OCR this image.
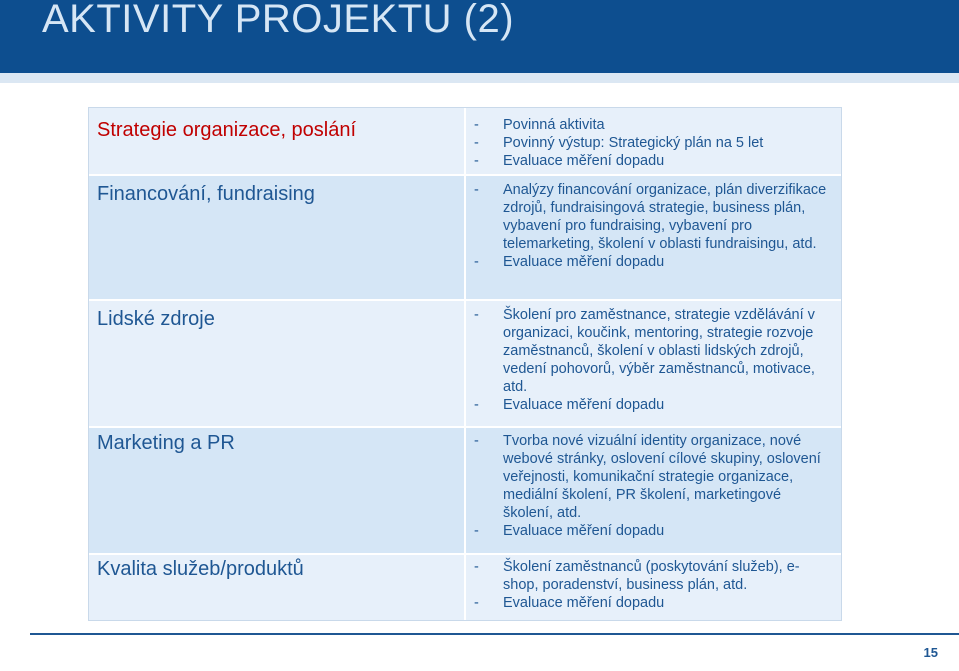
AKTIVITY PROJEKTU (2)
Strategie organizace, poslání	- Povinná aktivita
- Povinný výstup: Strategický plán na 5 let
- Evaluace měření dopadu
Financování, fundraising	- Analýzy financování organizace, plán diverzifikace zdrojů, fundraisingová strategie, business plán, vybavení pro fundraising, vybavení pro telemarketing, školení v oblasti fundraisingu, atd.
- Evaluace měření dopadu
Lidské zdroje	- Školení pro zaměstnance, strategie vzdělávání v organizaci, koučink, mentoring, strategie rozvoje zaměstnanců, školení v oblasti lidských zdrojů, vedení pohovorů, výběr zaměstnanců, motivace, atd.
- Evaluace měření dopadu
Marketing a PR	- Tvorba nové vizuální identity organizace, nové webové stránky, oslovení cílové skupiny, oslovení veřejnosti, komunikační strategie organizace, mediální školení, PR školení, marketingové školení, atd.
- Evaluace měření dopadu
Kvalita služeb/produktů	- Školení zaměstnanců (poskytování služeb), e-shop, poradenství, business plán, atd.
- Evaluace měření dopadu
15
